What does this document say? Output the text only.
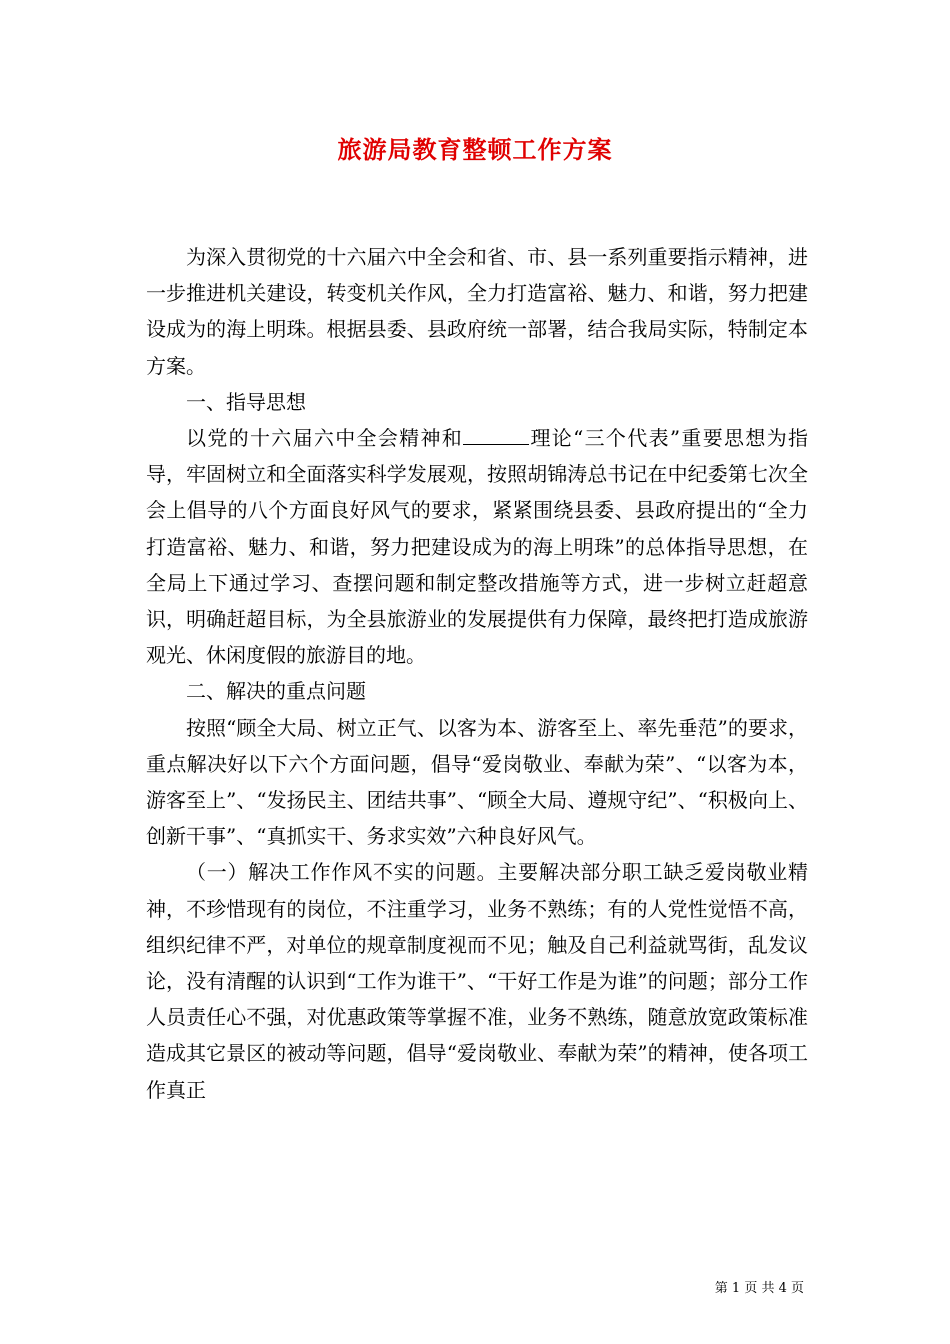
旅游局教育整顿工作方案

为深入贯彻党的十六届六中全会和省、市、县一系列重要指示精神，进一步推进机关建设，转变机关作风，全力打造富裕、魅力、和谐，努力把建设成为的海上明珠。根据县委、县政府统一部署，结合我局实际，特制定本方案。

一、指导思想

以党的十六届六中全会精神和	理论“三个代表”重要思想为指导，牢固树立和全面落实科学发展观，按照胡锦涛总书记在中纪委第七次全会上倡导的八个方面良好风气的要求，紧紧围绕县委、县政府提出的“全力打造富裕、魅力、和谐，努力把建设成为的海上明珠”的总体指导思想，在全局上下通过学习、查摆问题和制定整改措施等方式，进一步树立赶超意识，明确赶超目标，为全县旅游业的发展提供有力保障，最终把打造成旅游观光、休闲度假的旅游目的地。

二、解决的重点问题

按照“顾全大局、树立正气、以客为本、游客至上、率先垂范”的要求，重点解决好以下六个方面问题，倡导“爱岗敬业、奉献为荣”、“以客为本，游客至上”、“发扬民主、团结共事”、“顾全大局、遵规守纪”、“积极向上、创新干事”、“真抓实干、务求实效”六种良好风气。

（一）解决工作作风不实的问题。主要解决部分职工缺乏爱岗敬业精神，不珍惜现有的岗位，不注重学习，业务不熟练；有的人党性觉悟不高，组织纪律不严，对单位的规章制度视而不见；触及自己利益就骂街，乱发议论，没有清醒的认识到“工作为谁干”、“干好工作是为谁”的问题；部分工作人员责任心不强，对优惠政策等掌握不准，业务不熟练，随意放宽政策标准造成其它景区的被动等问题，倡导“爱岗敬业、奉献为荣”的精神，使各项工作真正

第 1 页 共 4 页
